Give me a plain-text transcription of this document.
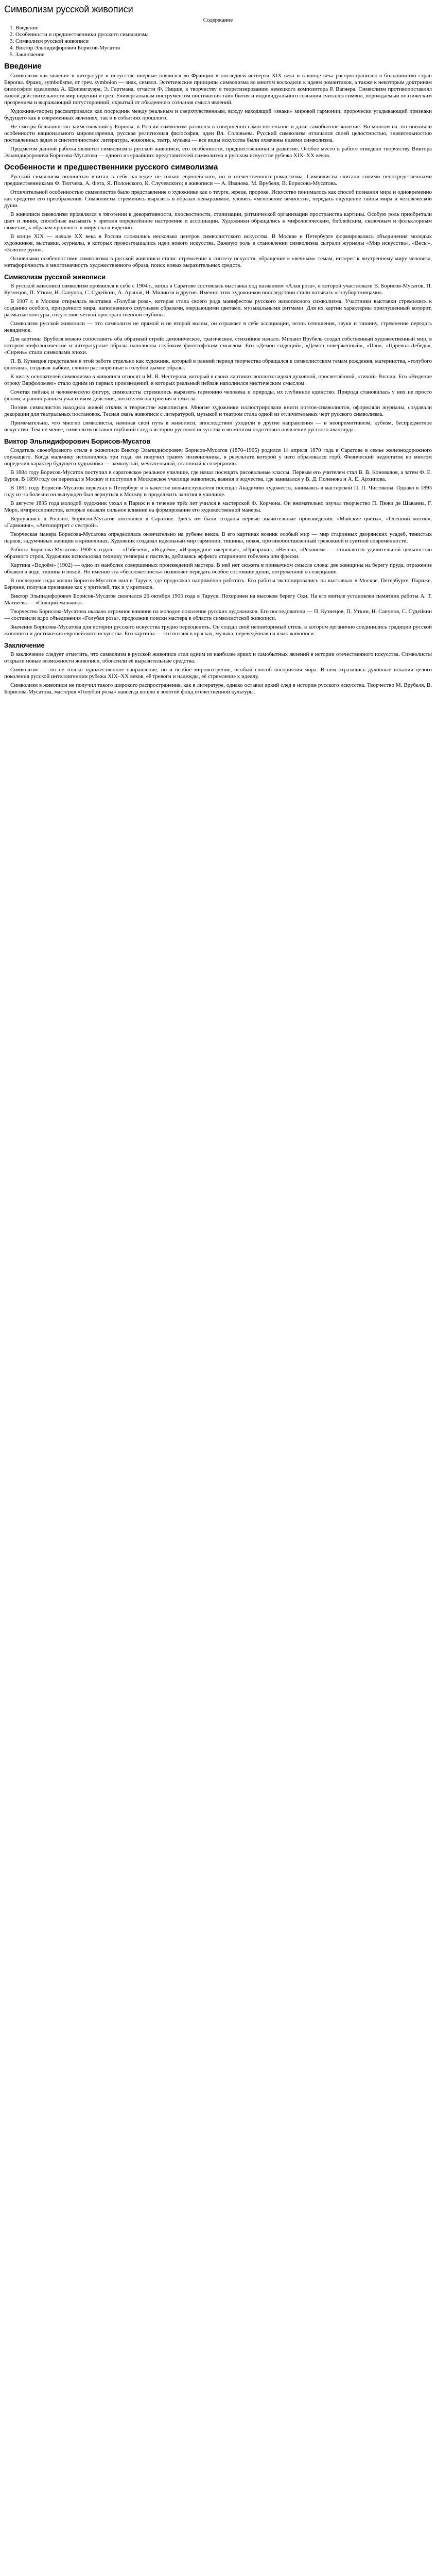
Символизм русской живописи
Содержание
1. Введение
2. Особенности и предшественники русского символизма
3. Символизм русской живописи
4. Виктор Эльпидифорович Борисов-Мусатов
5. Заключение
Введение

Символизм как явление в литературе и искусстве впервые появился во Франции в последней четверти XIX века и в конце века распространился в большинство стран Европы. Франц. symbolisme, от греч. symbolon — знак, символ. Эстетические принципы символизма во многом восходили к идеям романтиков, а также к некоторым доктринам философии идеализма А. Шопенгауэра, Э. Гартмана, отчасти Ф. Ницше, к творчеству и теоретизированию немецкого композитора Р. Вагнера. Символизм противопоставлял живой действительности мир видений и грез. Универсальным инструментом постижения тайн бытия и индивидуального сознания считался символ, порождаемый поэтическим прозрением и выражающий потусторонний, скрытый от обыденного сознания смысл явлений.

Художник-творец рассматривался как посредник между реальным и сверхчувственным, всюду находящий «знаки» мировой гармонии, пророчески угадывающий признаки будущего как в современных явлениях, так и в событиях прошлого.

Не смотря большинство заимствований у Европы, в России символизм развился в совершенно самостоятельное и даже самобытное явление. Во многом на это повлияли особенности национального мировоззрения, русская религиозная философия, идеи Вл. Соловьева. Русский символизм отличался своей целостностью, значительностью поставленных задач и синтетичностью: литература, живопись, театр, музыка — все виды искусства были охвачены идеями символизма.

Предметом данной работы является символизм в русской живописи, его особенности, предшественники и развитие. Особое место в работе отведено творчеству Виктора Эльпидифоровича Борисова-Мусатова — одного из ярчайших представителей символизма в русском искусстве рубежа XIX–XX веков.

Особенности и предшественники русского символизма

Русский символизм полностью впитал в себя наследие не только европейского, но и отечественного романтизма. Символисты считали своими непосредственными предшественниками Ф. Тютчева, А. Фета, Я. Полонского, К. Случевского; в живописи — А. Иванова, М. Врубеля, В. Борисова-Мусатова.

Отличительной особенностью символистов было представление о художнике как о теурге, жреце, пророке. Искусство понималось как способ познания мира и одновременно как средство его преображения. Символисты стремились выразить в образах невыразимое, уловить «мгновение вечности», передать ощущение тайны мира и человеческой души.

В живописи символизм проявлялся в тяготении к декоративности, плоскостности, стилизации, ритмической организации пространства картины. Особую роль приобретали цвет и линия, способные вызывать у зрителя определённое настроение и ассоциации. Художники обращались к мифологическим, библейским, сказочным и фольклорным сюжетам, к образам прошлого, к миру сна и видений.

В конце XIX — начале XX века в России сложились несколько центров символистского искусства. В Москве и Петербурге формировались объединения молодых художников, выставки, журналы, в которых провозглашались идеи нового искусства. Важную роль в становлении символизма сыграли журналы «Мир искусства», «Весы», «Золотое руно».

Основными особенностями символизма в русской живописи стали: стремление к синтезу искусств, обращение к «вечным» темам, интерес к внутреннему миру человека, метафоричность и многозначность художественного образа, поиск новых выразительных средств.

Символизм русской живописи

В русской живописи символизм проявился в себе с 1904 г., когда в Саратове состоялась выставка под названием «Алая роза», в которой участвовали В. Борисов-Мусатов, П. Кузнецов, П. Уткин, Н. Сапунов, С. Судейкин, А. Арапов, Н. Милиоти и другие. Именно этих художников впоследствии стали называть «голуборозовцами».

В 1907 г. в Москве открылась выставка «Голубая роза», которая стала своего рода манифестом русского живописного символизма. Участники выставки стремились к созданию особого, призрачного мира, наполненного смутными образами, мерцающими цветами, музыкальными ритмами. Для их картин характерны приглушенный колорит, размытые контуры, отсутствие чёткой пространственной глубины.

Символизм русской живописи — это символизм не прямой и не второй волны, он отражает в себе ассоциации, огонь отношения, звуки и тишину, стремление передать невидимое.

Для картины Врубеля можно сопоставить оба образный строй: демоническое, трагическое, стихийное начало. Михаил Врубель создал собственный художественный мир, в котором мифологические и литературные образы наполнены глубоким философским смыслом. Его «Демон сидящий», «Демон поверженный», «Пан», «Царевна-Лебедь», «Сирень» стали символами эпохи.

П. В. Кузнецов представлен в этой работе отдельно как художник, который в ранний период творчества обращался к символистским темам рождения, материнства, «голубого фонтана», создавая зыбкие, словно растворённые в голубой дымке образы.

К числу основателей символизма в живописи относят и М. В. Нестерова, который в своих картинах воплотил идеал духовной, просветлённой, «тихой» России. Его «Видение отроку Варфоломею» стало одним из первых произведений, в которых реальный пейзаж наполнился мистическим смыслом.

Сочетая пейзаж и человеческую фигуру, символисты стремились выразить гармонию человека и природы, их глубинное единство. Природа становилась у них не просто фоном, а равноправным участником действия, носителем настроения и смысла.

Поэзия символистов находила живой отклик в творчестве живописцев. Многие художники иллюстрировали книги поэтов-символистов, оформляли журналы, создавали декорации для театральных постановок. Тесная связь живописи с литературой, музыкой и театром стала одной из отличительных черт русского символизма.

Примечательно, что многие символисты, начиная свой путь в живописи, впоследствии уходили в другие направления — в неопримитивизм, кубизм, беспредметное искусство. Тем не менее, символизм оставил глубокий след в истории русского искусства и во многом подготовил появление русского авангарда.

Виктор Эльпидифорович Борисов-Мусатов

Создатель своеобразного стиля в живописи Виктор Эльпидифорович Борисов-Мусатов (1870–1905) родился 14 апреля 1870 года в Саратове в семье железнодорожного служащего. Когда мальчику исполнилось три года, он получил травму позвоночника, в результате которой у него образовался горб. Физический недостаток во многом определил характер будущего художника — замкнутый, мечтательный, склонный к созерцанию.

В 1884 году Борисов-Мусатов поступил в саратовское реальное училище, где начал посещать рисовальные классы. Первым его учителем стал В. В. Коновалов, а затем Ф. Е. Буров. В 1890 году он переехал в Москву и поступил в Московское училище живописи, ваяния и зодчества, где занимался у В. Д. Поленова и А. Е. Архипова.

В 1891 году Борисов-Мусатов переехал в Петербург и в качестве вольнослушателя посещал Академию художеств, занимаясь в мастерской П. П. Чистякова. Однако в 1893 году из-за болезни он вынужден был вернуться в Москву и продолжить занятия в училище.

В августе 1895 года молодой художник уехал в Париж и в течение трёх лет учился в мастерской Ф. Кормона. Он внимательно изучал творчество П. Пюви де Шаванна, Г. Моро, импрессионистов, которые оказали сильное влияние на формирование его художественной манеры.

Вернувшись в Россию, Борисов-Мусатов поселился в Саратове. Здесь им были созданы первые значительные произведения: «Майские цветы», «Осенний мотив», «Гармония», «Автопортрет с сестрой».

Творческая манера Борисова-Мусатова определилась окончательно на рубеже веков. В его картинах возник особый мир — мир старинных дворянских усадеб, тенистых парков, задумчивых женщин в кринолинах. Художник создавал идеальный мир гармонии, тишины, покоя, противопоставленный тревожной и суетной современности.

Работы Борисова-Мусатова 1900-х годов — «Гобелен», «Водоём», «Изумрудное ожерелье», «Призраки», «Весна», «Реквием» — отличаются удивительной цельностью образного строя. Художник использовал технику темперы и пастели, добиваясь эффекта старинного гобелена или фрески.

Картина «Водоём» (1902) — одно из наиболее совершенных произведений мастера. В ней нет сюжета в привычном смысле слова: две женщины на берегу пруда, отражение облаков в воде, тишина и покой. Но именно эта «бессюжетность» позволяет передать особое состояние души, погружённой в созерцание.

В последние годы жизни Борисов-Мусатов жил в Тарусе, где продолжал напряжённо работать. Его работы экспонировались на выставках в Москве, Петербурге, Париже, Берлине, получая признание как у зрителей, так и у критиков.

Виктор Эльпидифорович Борисов-Мусатов скончался 26 октября 1905 года в Тарусе. Похоронен на высоком берегу Оки. На его могиле установлен памятник работы А. Т. Матвеева — «Спящий мальчик».

Творчество Борисова-Мусатова оказало огромное влияние на молодое поколение русских художников. Его последователи — П. Кузнецов, П. Уткин, Н. Сапунов, С. Судейкин — составили ядро объединения «Голубая роза», продолжив поиски мастера в области символистской живописи.

Значение Борисова-Мусатова для истории русского искусства трудно переоценить. Он создал свой неповторимый стиль, в котором органично соединились традиции русской живописи и достижения европейского искусства. Его картины — это поэзия в красках, музыка, переведённая на язык живописи.

Заключение

В заключение следует отметить, что символизм в русской живописи стал одним из наиболее ярких и самобытных явлений в истории отечественного искусства. Символисты открыли новые возможности живописи, обогатили её выразительные средства.

Символизм — это не только художественное направление, но и особое мировоззрение, особый способ восприятия мира. В нём отразились духовные искания целого поколения русской интеллигенции рубежа XIX–XX веков, её тревоги и надежды, её стремление к идеалу.

Символизм в живописи не получил такого широкого распространения, как в литературе, однако оставил яркий след в истории русского искусства. Творчество М. Врубеля, В. Борисова-Мусатова, мастеров «Голубой розы» навсегда вошло в золотой фонд отечественной культуры.
